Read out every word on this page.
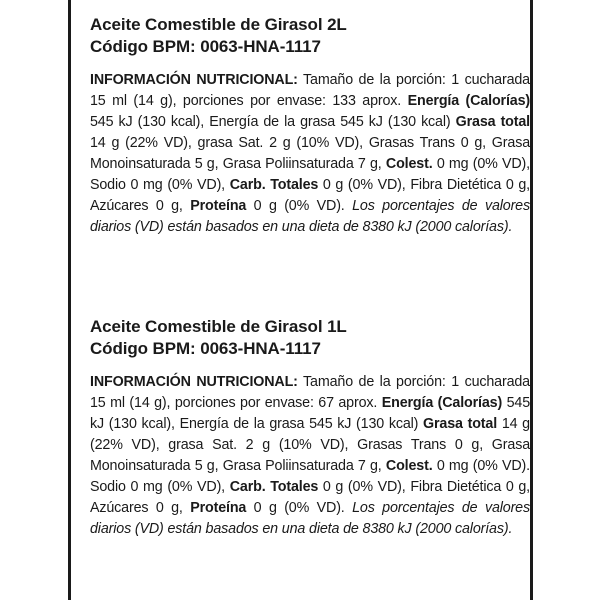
Aceite Comestible de Girasol 2L

Código BPM: 0063-HNA-1117

INFORMACIÓN NUTRICIONAL: Tamaño de la porción: 1 cucharada 15 ml (14 g), porciones por envase: 133 aprox. Energía (Calorías) 545 kJ (130 kcal), Energía de la grasa 545 kJ (130 kcal) Grasa total 14 g (22% VD), grasa Sat. 2 g (10% VD), Grasas Trans 0 g, Grasa Monoinsaturada 5 g, Grasa Poliinsaturada 7 g, Colest. 0 mg (0% VD), Sodio 0 mg (0% VD), Carb. Totales 0 g (0% VD), Fibra Dietética 0 g, Azúcares 0 g, Proteína 0 g (0% VD). Los porcentajes de valores diarios (VD) están basados en una dieta de 8380 kJ (2000 calorías).

Aceite Comestible de Girasol 1L

Código BPM: 0063-HNA-1117

INFORMACIÓN NUTRICIONAL: Tamaño de la porción: 1 cucharada 15 ml (14 g), porciones por envase: 67 aprox. Energía (Calorías) 545 kJ (130 kcal), Energía de la grasa 545 kJ (130 kcal) Grasa total 14 g (22% VD), grasa Sat. 2 g (10% VD), Grasas Trans 0 g, Grasa Monoinsaturada 5 g, Grasa Poliinsaturada 7 g, Colest. 0 mg (0% VD). Sodio 0 mg (0% VD), Carb. Totales 0 g (0% VD), Fibra Dietética 0 g, Azúcares 0 g, Proteína 0 g (0% VD). Los porcentajes de valores diarios (VD) están basados en una dieta de 8380 kJ (2000 calorías).
